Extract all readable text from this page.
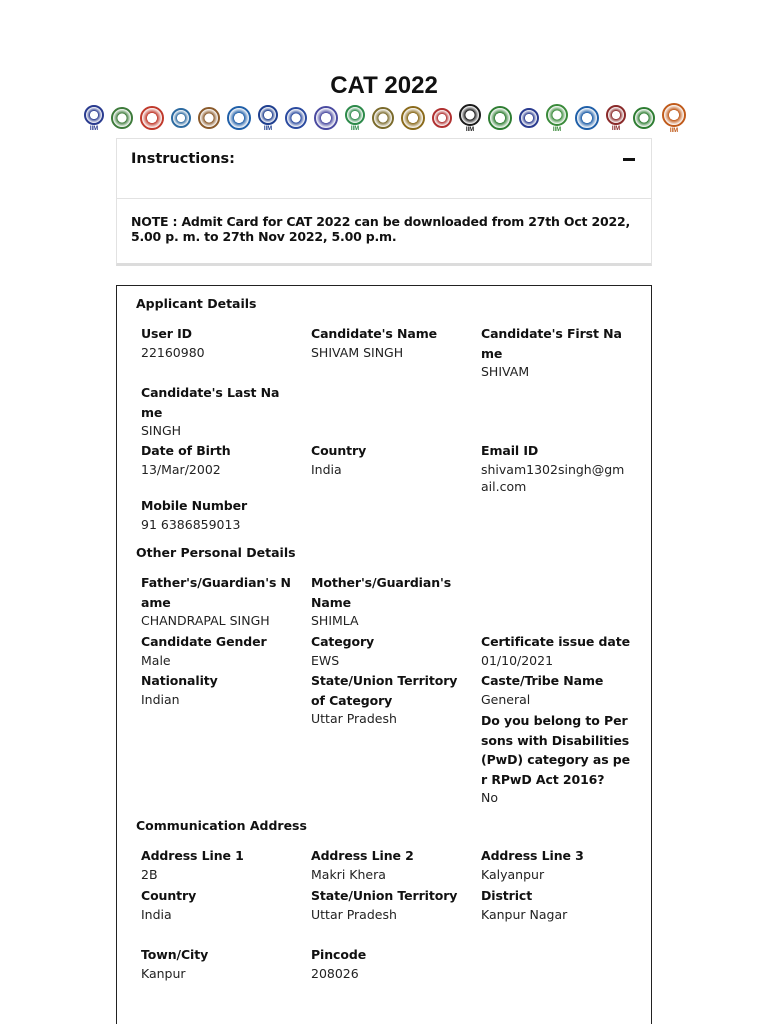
CAT 2022
IIM	IIM	IIM	IIM	IIM	IIM	IIM
Instructions:
NOTE : Admit Card for CAT 2022 can be downloaded from 27th Oct 2022, 5.00 p. m. to 27th Nov 2022, 5.00 p.m.
Applicant Details
User ID
22160980
Candidate's Name
SHIVAM SINGH
Candidate's First Name
SHIVAM
Candidate's Last Name
SINGH
Date of Birth
13/Mar/2002
Country
India
Email ID
shivam1302singh@gmail.com
Mobile Number
91 6386859013
Other Personal Details
Father's/Guardian's Name
CHANDRAPAL SINGH
Mother's/Guardian's Name
SHIMLA
Candidate Gender
Male
Category
EWS
Certificate issue date
01/10/2021
Nationality
Indian
State/Union Territory of Category
Uttar Pradesh
Caste/Tribe Name
General
Do you belong to Persons with Disabilities (PwD) category as per RPwD Act 2016?
No
Communication Address
Address Line 1
2B
Address Line 2
Makri Khera
Address Line 3
Kalyanpur
Country
India
State/Union Territory
Uttar Pradesh
District
Kanpur Nagar
Town/City
Kanpur
Pincode
208026
